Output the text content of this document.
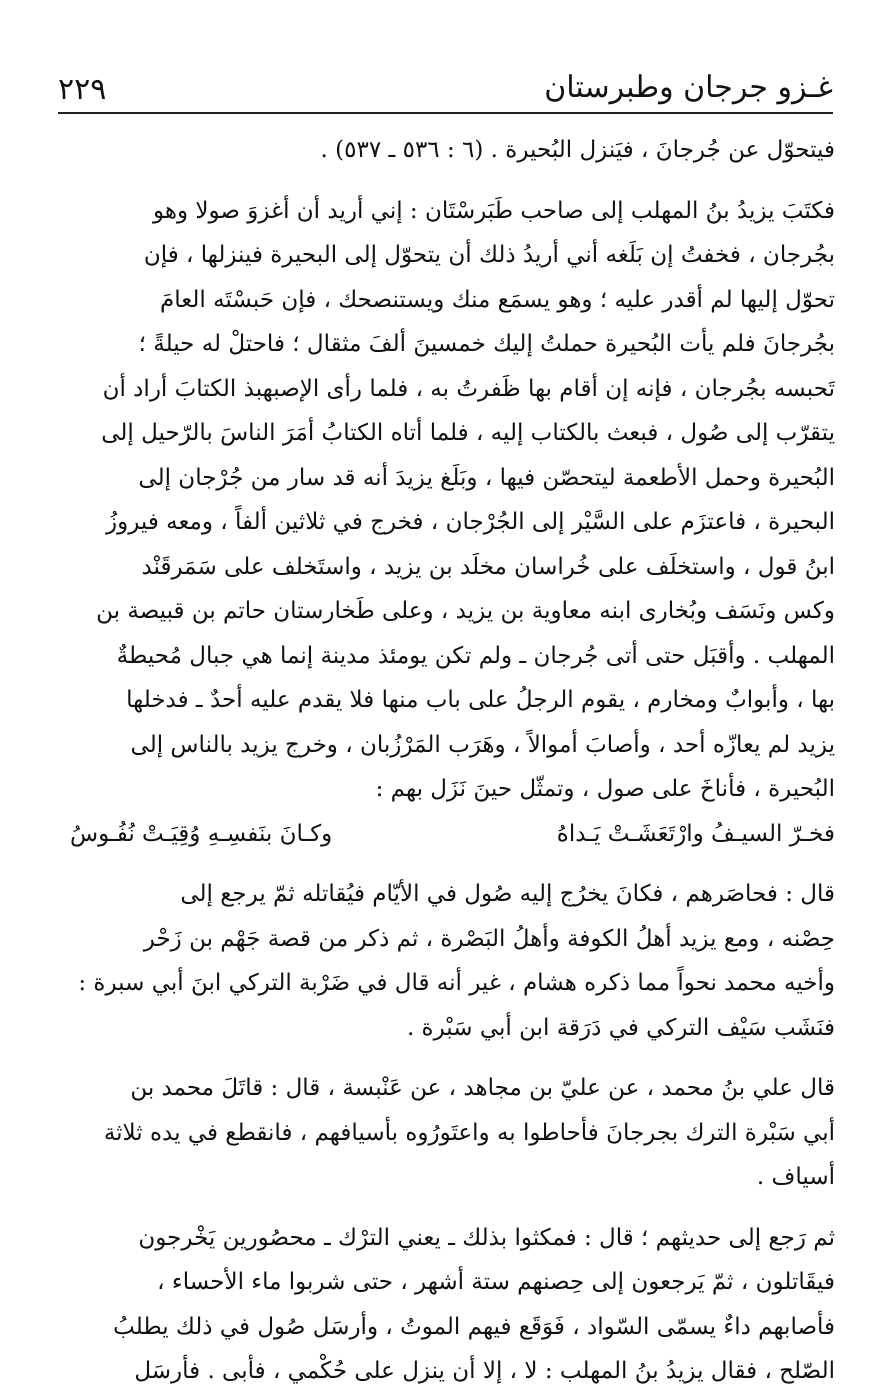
٢٢٩	غـزو جرجان وطبرستان
فيتحوّل عن جُرجانَ ، فيَنزل البُحيرة . (٦ : ٥٣٦ ـ ٥٣٧) .
فكتَبَ يزيدُ بنُ المهلب إلى صاحب طَبَرسْتَان : إني أريد أن أغزوَ صولا وهو
بجُرجان ، فخفتُ إن بَلَغه أني أريدُ ذلك أن يتحوّل إلى البحيرة فينزلها ، فإن
تحوّل إليها لم أقدر عليه ؛ وهو يسمَع منك ويستنصحك ، فإن حَبسْتَه العامَ
بجُرجانَ فلم يأت البُحيرة حملتُ إليك خمسينَ ألفَ مثقال ؛ فاحتلْ له حيلةً ؛
تَحبسه بجُرجان ، فإنه إن أقام بها ظَفرتُ به ، فلما رأى الإصبهبذ الكتابَ أراد أن
يتقرّب إلى صُول ، فبعث بالكتاب إليه ، فلما أتاه الكتابُ أمَرَ الناسَ بالرّحيل إلى
البُحيرة وحمل الأطعمة ليتحصّن فيها ، وبَلَغ يزيدَ أنه قد سار من جُرْجان إلى
البحيرة ، فاعتزَم على السَّيْر إلى الجُرْجان ، فخرج في ثلاثين ألفاً ، ومعه فيروزُ
ابنُ قول ، واستخلَف على خُراسان مخلَد بن يزيد ، واستَخلف على سَمَرقَنْد
وكس ونَسَف وبُخارى ابنه معاوية بن يزيد ، وعلى طَخارستان حاتم بن قبيصة بن
المهلب . وأقبَل حتى أتى جُرجان ـ ولم تكن يومئذ مدينة إنما هي جبال مُحيطةٌ
بها ، وأبوابٌ ومخارم ، يقوم الرجلُ على باب منها فلا يقدم عليه أحدٌ ـ فدخلها
يزيد لم يعازّه أحد ، وأصابَ أموالاً ، وهَرَب المَرْزُبان ، وخرج يزيد بالناس إلى
البُحيرة ، فأناخَ على صول ، وتمثّل حينَ نَزَل بهم :
فخـرّ السيـفُ وارْتَعَشَـتْ يَـداهُ
وكـانَ بنَفسِـهِ وُقِيَـتْ نُفُـوسُ
قال : فحاصَرهم ، فكانَ يخرُج إليه صُول في الأيّام فيُقاتله ثمّ يرجع إلى
حِصْنه ، ومع يزيد أهلُ الكوفة وأهلُ البَصْرة ، ثم ذكر من قصة جَهْم بن زَحْر
وأخيه محمد نحواً مما ذكره هشام ، غير أنه قال في ضَرْبة التركي ابنَ أبي سبرة :
فنَشَب سَيْف التركي في دَرَقة ابن أبي سَبْرة .
قال علي بنُ محمد ، عن عليّ بن مجاهد ، عن عَنْبسة ، قال : قاتَلَ محمد بن
أبي سَبْرة الترك بجرجانَ فأحاطوا به واعتَورُوه بأسيافهم ، فانقطع في يده ثلاثة
أسياف .
ثم رَجع إلى حديثهم ؛ قال : فمكثوا بذلك ـ يعني الترْك ـ محصُورين يَخْرجون
فيقَاتلون ، ثمّ يَرجعون إلى حِصنهم ستة أشهر ، حتى شربوا ماء الأحساء ،
فأصابهم داءٌ يسمّى السّواد ، فَوَقَع فيهم الموتُ ، وأرسَل صُول في ذلك يطلبُ
الصّلح ، فقال يزيدُ بنُ المهلب : لا ، إلا أن ينزل على حُكْمي ، فأبى . فأرسَل
